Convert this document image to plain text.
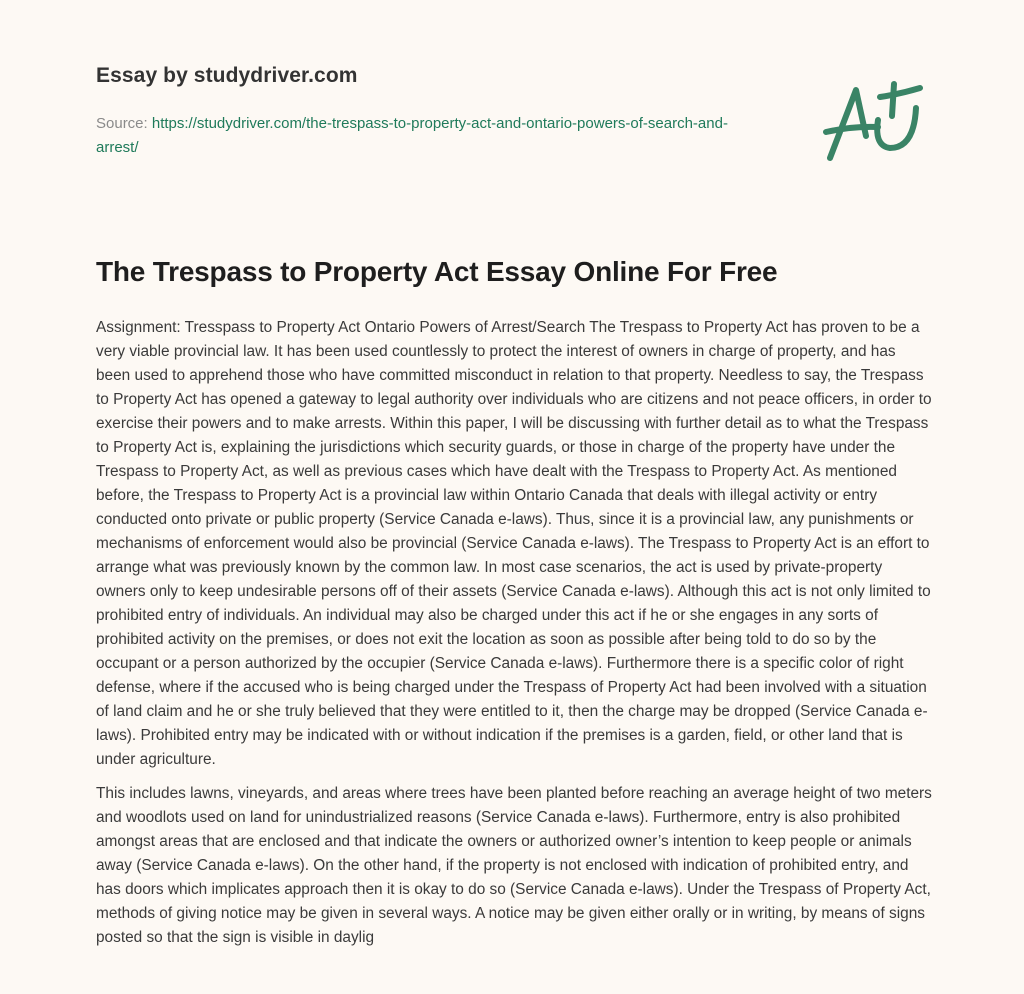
Essay by studydriver.com
Source: https://studydriver.com/the-trespass-to-property-act-and-ontario-powers-of-search-and-arrest/
The Trespass to Property Act Essay Online For Free

Assignment: Tresspass to Property Act Ontario Powers of Arrest/Search The Trespass to Property Act has proven to be a very viable provincial law. It has been used countlessly to protect the interest of owners in charge of property, and has been used to apprehend those who have committed misconduct in relation to that property. Needless to say, the Trespass to Property Act has opened a gateway to legal authority over individuals who are citizens and not peace officers, in order to exercise their powers and to make arrests. Within this paper, I will be discussing with further detail as to what the Trespass to Property Act is, explaining the jurisdictions which security guards, or those in charge of the property have under the Trespass to Property Act, as well as previous cases which have dealt with the Trespass to Property Act. As mentioned before, the Trespass to Property Act is a provincial law within Ontario Canada that deals with illegal activity or entry conducted onto private or public property (Service Canada e-laws). Thus, since it is a provincial law, any punishments or mechanisms of enforcement would also be provincial (Service Canada e-laws). The Trespass to Property Act is an effort to arrange what was previously known by the common law. In most case scenarios, the act is used by private-property owners only to keep undesirable persons off of their assets (Service Canada e-laws). Although this act is not only limited to prohibited entry of individuals. An individual may also be charged under this act if he or she engages in any sorts of prohibited activity on the premises, or does not exit the location as soon as possible after being told to do so by the occupant or a person authorized by the occupier (Service Canada e-laws). Furthermore there is a specific color of right defense, where if the accused who is being charged under the Trespass of Property Act had been involved with a situation of land claim and he or she truly believed that they were entitled to it, then the charge may be dropped (Service Canada e-laws). Prohibited entry may be indicated with or without indication if the premises is a garden, field, or other land that is under agriculture.

This includes lawns, vineyards, and areas where trees have been planted before reaching an average height of two meters and woodlots used on land for unindustrialized reasons (Service Canada e-laws). Furthermore, entry is also prohibited amongst areas that are enclosed and that indicate the owners or authorized owner’s intention to keep people or animals away (Service Canada e-laws). On the other hand, if the property is not enclosed with indication of prohibited entry, and has doors which implicates approach then it is okay to do so (Service Canada e-laws). Under the Trespass of Property Act, methods of giving notice may be given in several ways. A notice may be given either orally or in writing, by means of signs posted so that the sign is visible in daylig
